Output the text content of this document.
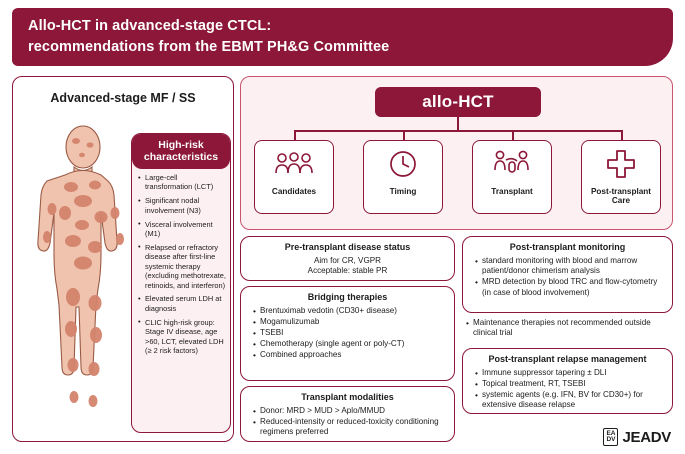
Allo-HCT in advanced-stage CTCL:
recommendations from the EBMT PH&G Committee
Advanced-stage MF / SS
High-risk characteristics
• Large-cell transformation (LCT)
• Significant nodal involvement (N3)
• Visceral involvement (M1)
• Relapsed or refractory disease after first-line systemic therapy (excluding methotrexate, retinoids, and interferon)
• Elevated serum LDH at diagnosis
• CLIC high-risk group: Stage IV disease, age >60, LCT, elevated LDH (≥ 2 risk factors)
allo-HCT
Candidates	Timing	Transplant	Post-transplant Care
Pre-transplant disease status

Aim for CR, VGPR

Acceptable: stable PR

Bridging therapies
• Brentuximab vedotin (CD30+ disease)
• Mogamulizumab
• TSEBI
• Chemotherapy (single agent or poly-CT)
• Combined approaches
Transplant modalities
• Donor: MRD > MUD > Aplo/MMUD
• Reduced-intensity or reduced-toxicity conditioning regimens preferred
Post-transplant monitoring
• standard monitoring with blood and marrow patient/donor chimerism analysis
• MRD detection by blood TRC and flow-cytometry (in case of blood involvement)
• Maintenance therapies not recommended outside clinical trial
Post-transplant relapse management
• Immune suppressor tapering ± DLI
• Topical treatment, RT, TSEBI
• systemic agents (e.g. IFN, BV for CD30+) for extensive disease relapse
EA
DV JEADV
